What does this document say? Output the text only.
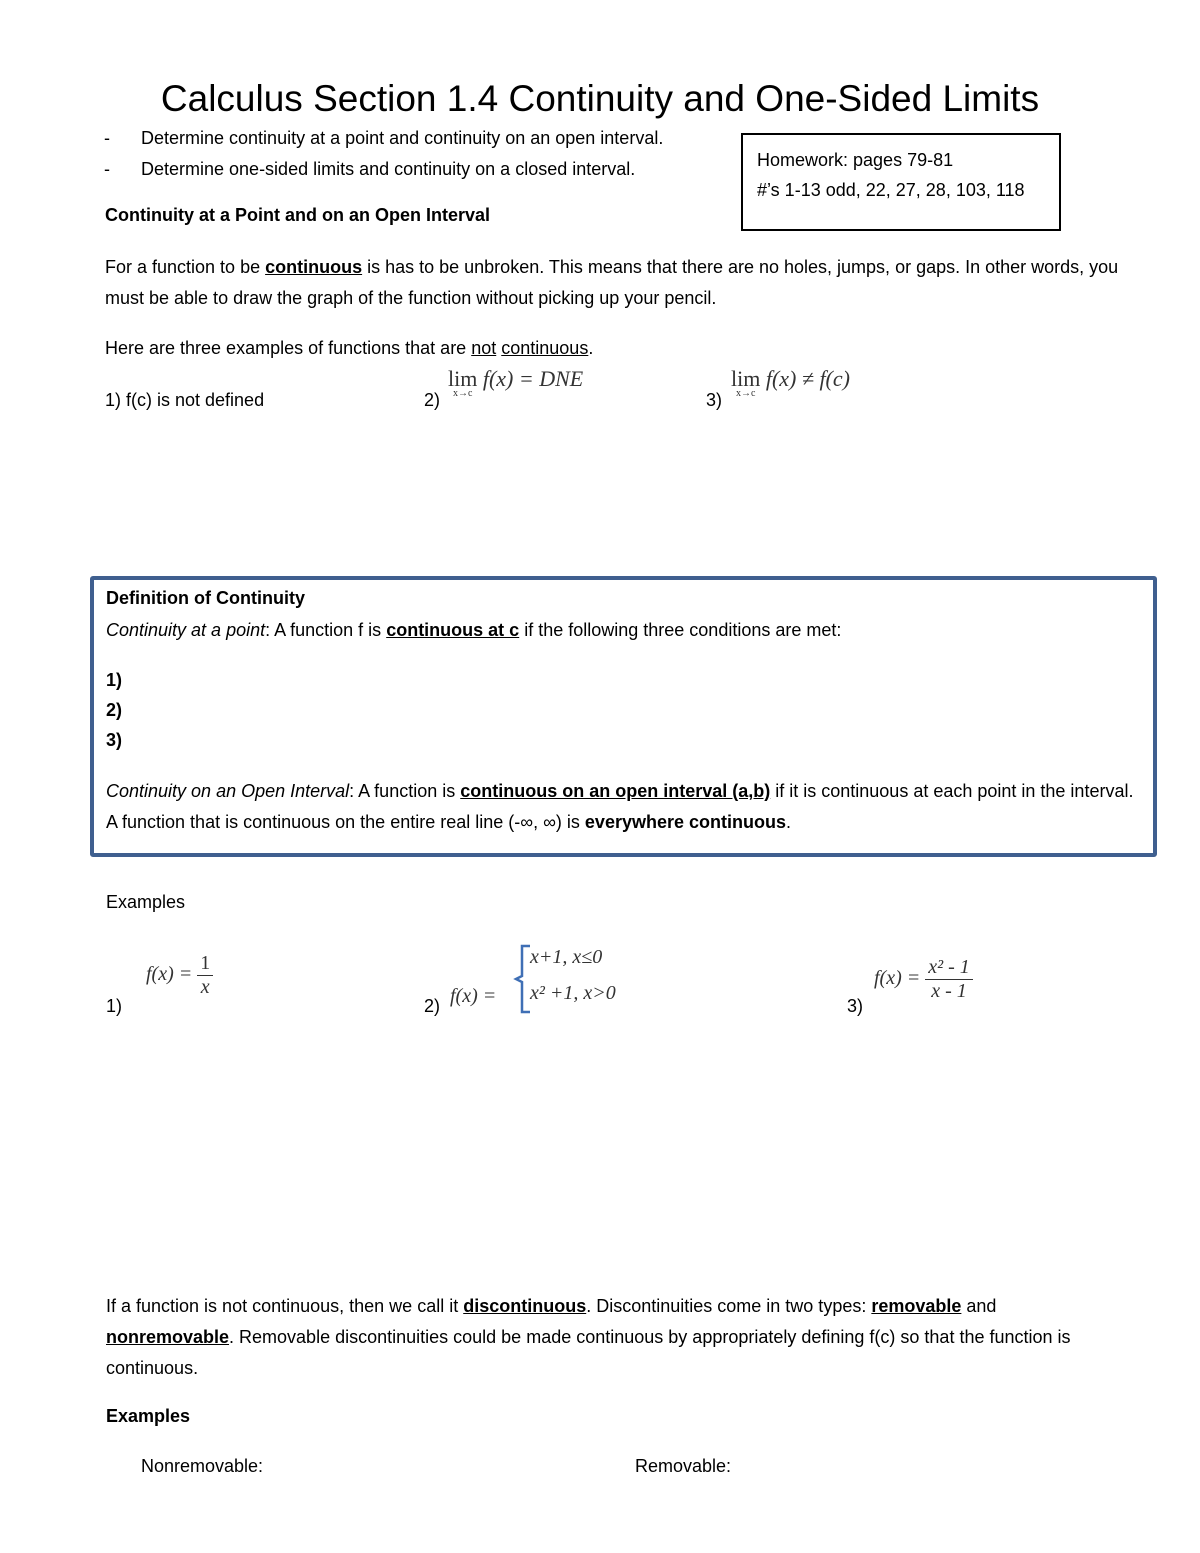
Calculus Section 1.4 Continuity and One-Sided Limits
- Determine continuity at a point and continuity on an open interval.
- Determine one-sided limits and continuity on a closed interval.	Homework: pages 79-81
#’s 1-13 odd, 22, 27, 28, 103, 118
Continuity at a Point and on an Open Interval
For a function to be continuous is has to be unbroken. This means that there are no holes, jumps, or gaps. In other words, you must be able to draw the graph of the function without picking up your pencil.
Here are three examples of functions that are not continuous.
1) f(c) is not defined	2)
lim
x→c
f(x) = DNE
3)
lim
x→c
f(x) ≠ f(c)
Definition of Continuity
Continuity at a point: A function f is continuous at c if the following three conditions are met:
1)
2)
3)
Continuity on an Open Interval: A function is continuous on an open interval (a,b) if it is continuous at each point in the interval. A function that is continuous on the entire real line (-∞, ∞) is everywhere continuous.
Examples
1)
$f(x) = \frac{1}{x}$
2) f(x) =
x+1, x≤0
x² +1, x>0
3)
$f(x) = \frac{\text{x² - 1}}{x - 1}$
If a function is not continuous, then we call it discontinuous. Discontinuities come in two types: removable and nonremovable. Removable discontinuities could be made continuous by appropriately defining f(c) so that the function is continuous.
Examples
Nonremovable:	Removable:
